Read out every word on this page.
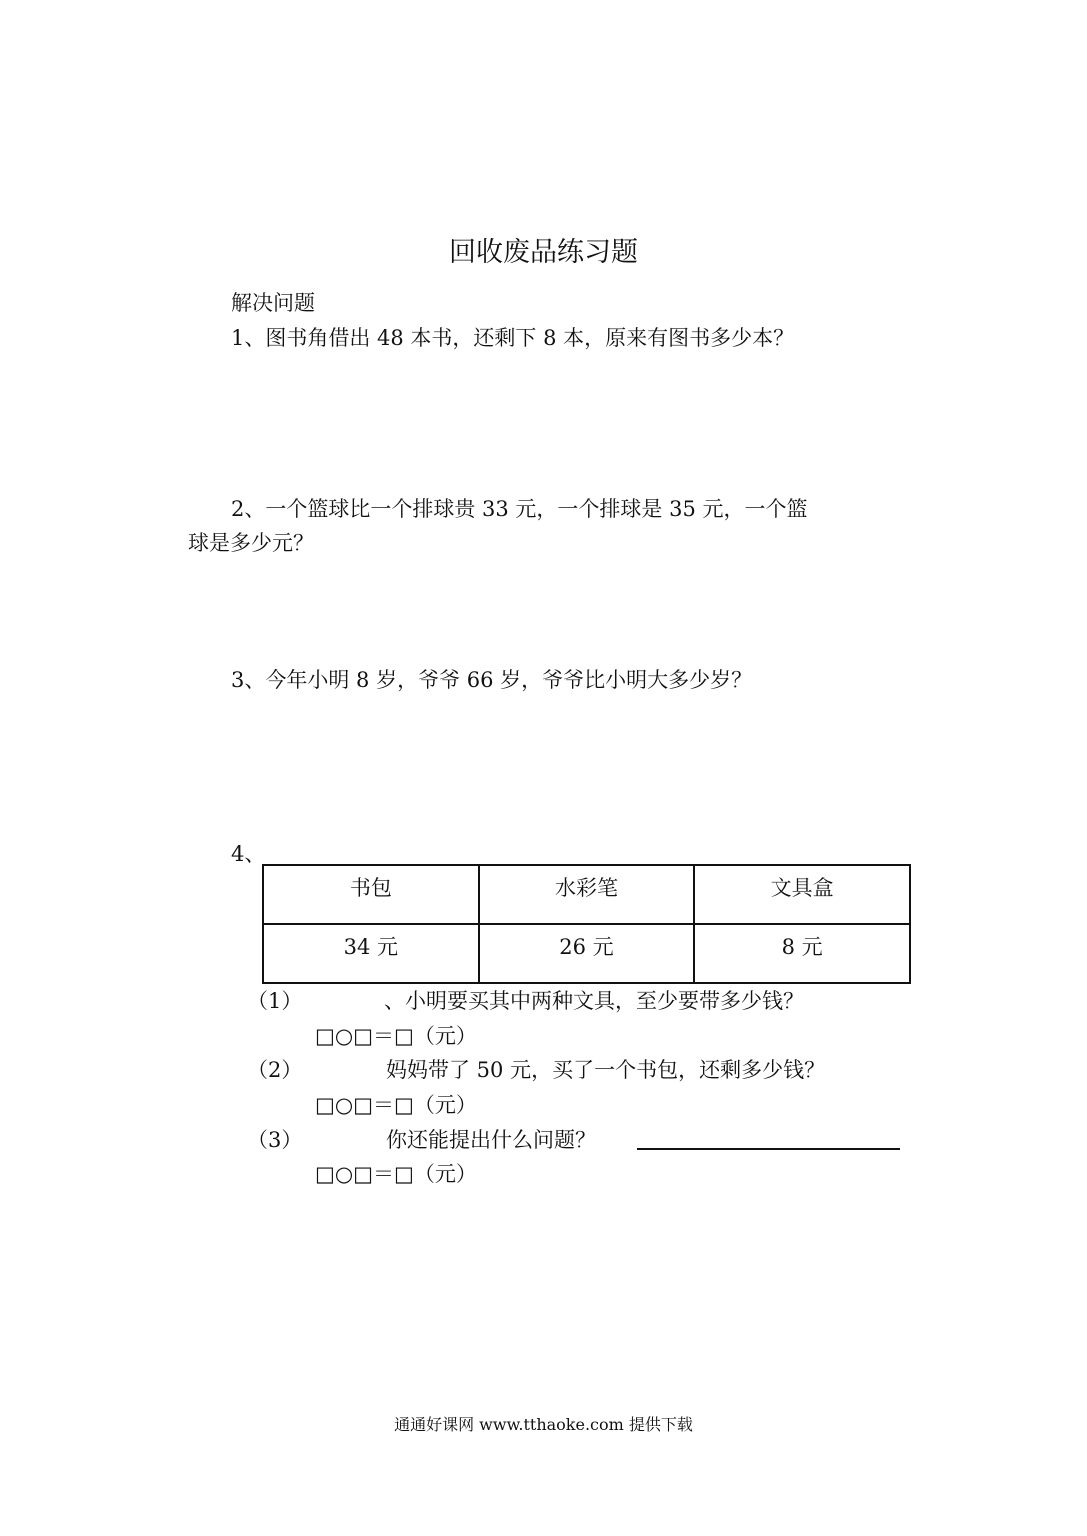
回收废品练习题
解决问题
1、图书角借出 48 本书，还剩下 8 本，原来有图书多少本？
2、一个篮球比一个排球贵 33 元，一个排球是 35 元，一个篮
球是多少元？
3、今年小明 8 岁，爷爷 66 岁，爷爷比小明大多少岁？
4、
书包	水彩笔	文具盒
34 元	26 元	8 元
（1）	、小明要买其中两种文具，至少要带多少钱？
□○□＝□（元）
（2）	妈妈带了 50 元，买了一个书包，还剩多少钱？
□○□＝□（元）
（3）	你还能提出什么问题？
□○□＝□（元）
通通好课网 www.tthaoke.com 提供下载
